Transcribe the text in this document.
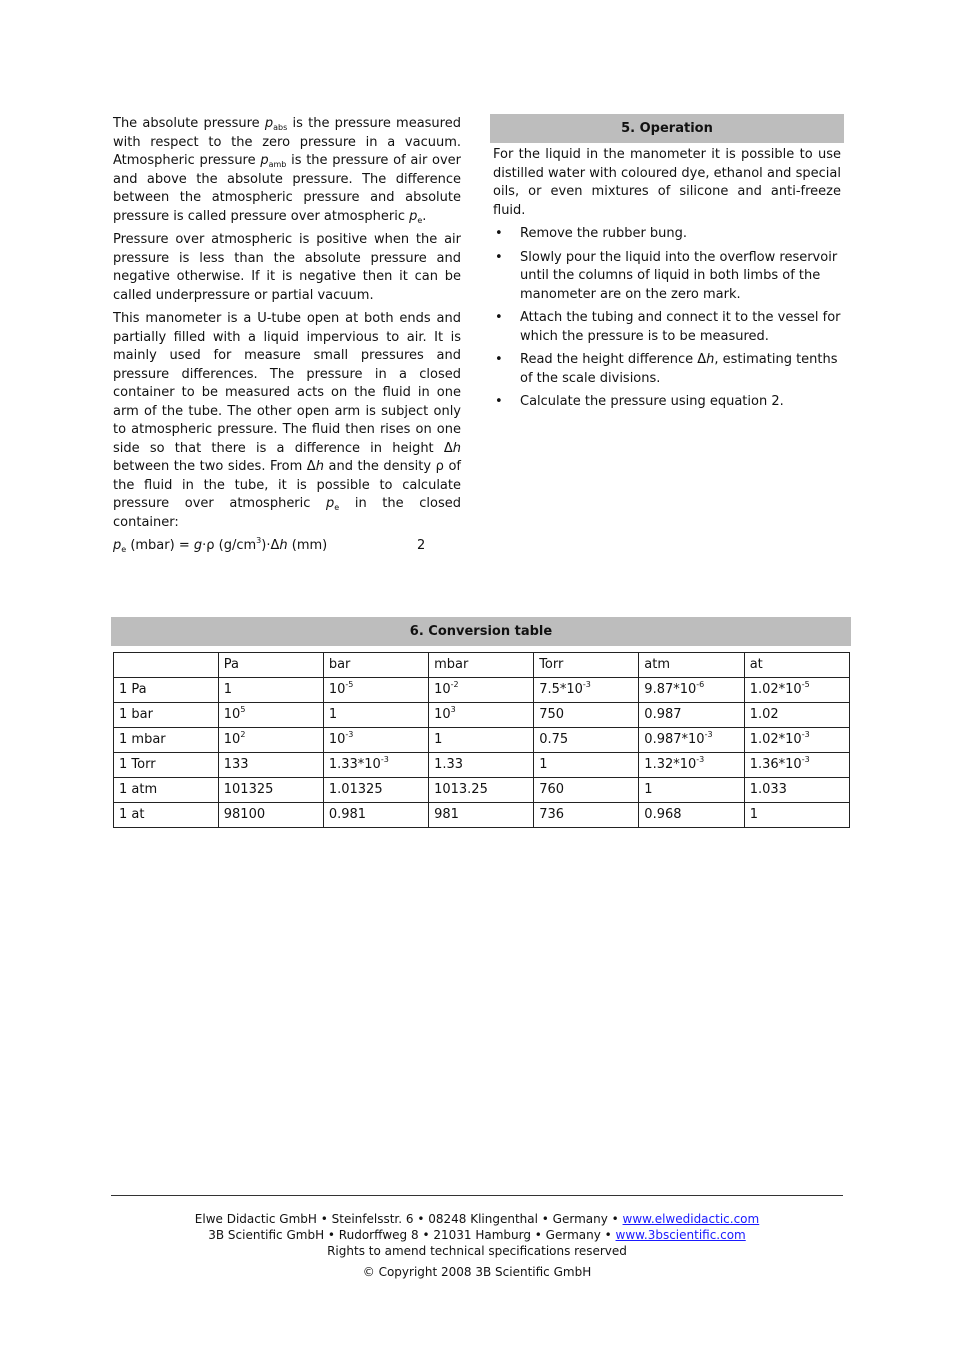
The absolute pressure $p_{abs}$ is the pressure measured with respect to the zero pressure in a vacuum. Atmospheric pressure $p_{amb}$ is the pressure of air over and above the absolute pressure. The difference between the atmospheric pressure and absolute pressure is called pressure over atmospheric $p_e$.

Pressure over atmospheric is positive when the air pressure is less than the absolute pressure and negative otherwise. If it is negative then it can be called underpressure or partial vacuum.

This manometer is a U-tube open at both ends and partially filled with a liquid impervious to air. It is mainly used for measure small pressures and pressure differences. The pressure in a closed container to be measured acts on the fluid in one arm of the tube. The other open arm is subject only to atmospheric pressure. The fluid then rises on one side so that there is a difference in height Δh between the two sides. From Δh and the density ρ of the fluid in the tube, it is possible to calculate pressure over atmospheric $p_e$ in the closed container:

$p_e$ (mbar) = g·ρ $(g/cm^3)\cdot\Delta h$ (mm)	2
5. Operation

For the liquid in the manometer it is possible to use distilled water with coloured dye, ethanol and special oils, or even mixtures of silicone and anti-freeze fluid.

• Remove the rubber bung.
• Slowly pour the liquid into the overflow reservoir until the columns of liquid in both limbs of the manometer are on the zero mark.
• Attach the tubing and connect it to the vessel for which the pressure is to be measured.
• Read the height difference Δh, estimating tenths of the scale divisions.
• Calculate the pressure using equation 2.
6. Conversion table
	Pa	bar	mbar	Torr	atm	at
1 Pa	1	$10^{-5}$	$10^{-2}$	$7.5*10^{-3}$	$9.87*10^{-6}$	$1.02*10^{-5}$
1 bar	$10^5$	1	$10^3$	750	0.987	1.02
1 mbar	$10^2$	$10^{-3}$	1	0.75	$0.987*10^{-3}$	$1.02*10^{-3}$
1 Torr	133	$1.33*10^{-3}$	1.33	1	$1.32*10^{-3}$	$1.36*10^{-3}$
1 atm	101325	1.01325	1013.25	760	1	1.033
1 at	98100	0.981	981	736	0.968	1
Elwe Didactic GmbH • Steinfelsstr. 6 • 08248 Klingenthal • Germany • www.elwedidactic.com
3B Scientific GmbH • Rudorffweg 8 • 21031 Hamburg • Germany • www.3bscientific.com
Rights to amend technical specifications reserved
© Copyright 2008 3B Scientific GmbH
